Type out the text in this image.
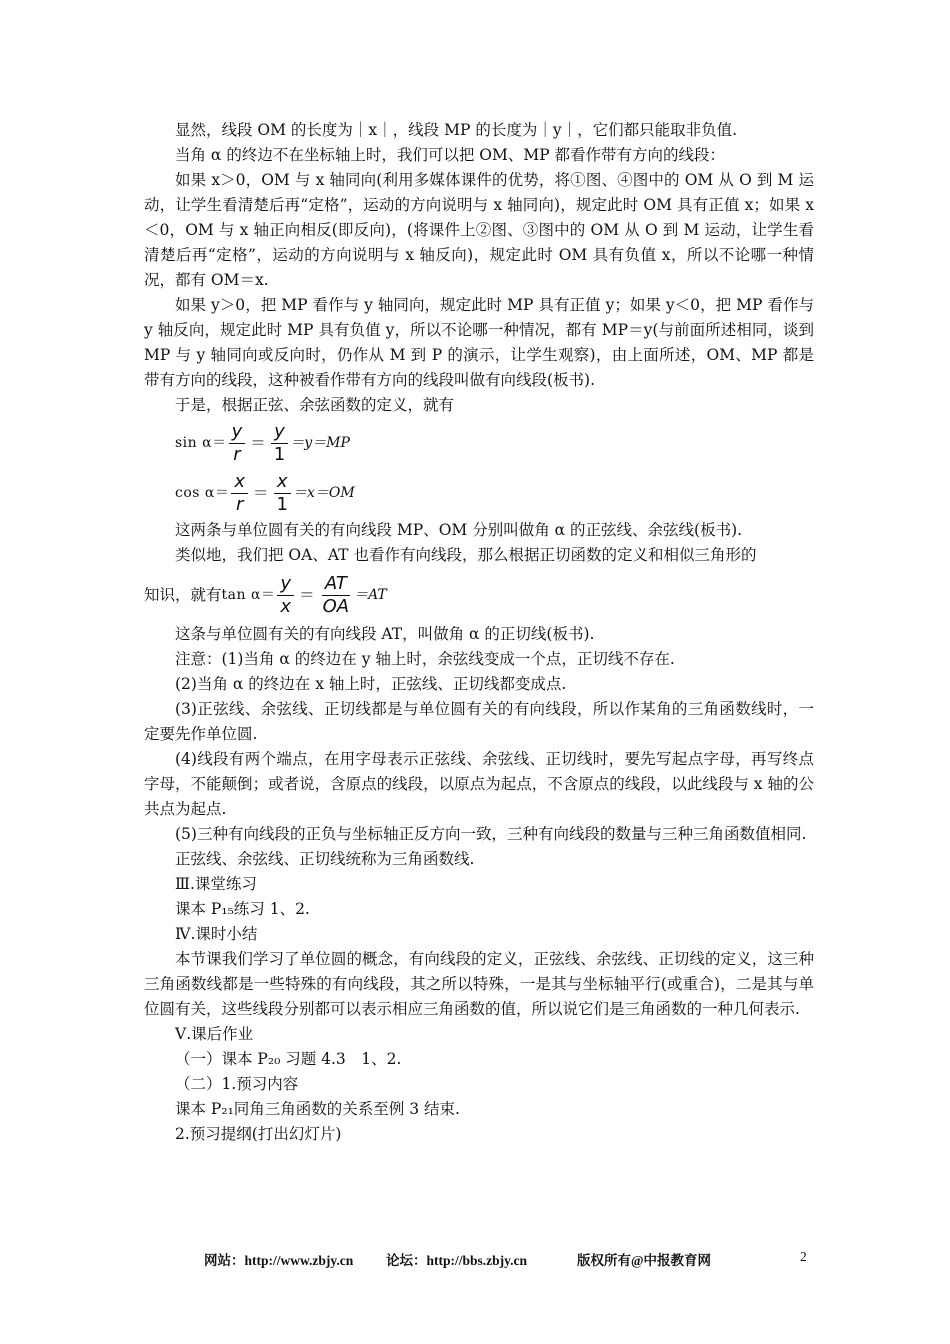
显然，线段 OM 的长度为｜x｜，线段 MP 的长度为｜y｜，它们都只能取非负值.

当角 α 的终边不在坐标轴上时，我们可以把 OM、MP 都看作带有方向的线段：

如果 x＞0，OM 与 x 轴同向(利用多媒体课件的优势，将①图、④图中的 OM 从 O 到 M 运动，让学生看清楚后再“定格”，运动的方向说明与 x 轴同向)，规定此时 OM 具有正值 x；如果 x＜0，OM 与 x 轴正向相反(即反向)，(将课件上②图、③图中的 OM 从 O 到 M 运动，让学生看清楚后再“定格”，运动的方向说明与 x 轴反向)，规定此时 OM 具有负值 x，所以不论哪一种情况，都有 OM＝x.

如果 y＞0，把 MP 看作与 y 轴同向，规定此时 MP 具有正值 y；如果 y＜0，把 MP 看作与 y 轴反向，规定此时 MP 具有负值 y，所以不论哪一种情况，都有 MP＝y(与前面所述相同，谈到 MP 与 y 轴同向或反向时，仍作从 M 到 P 的演示，让学生观察)，由上面所述，OM、MP 都是带有方向的线段，这种被看作带有方向的线段叫做有向线段(板书).

于是，根据正弦、余弦函数的定义，就有

$\sin \alpha= \frac{y}{r} = \frac{y}{1} =y=MP$
$\cos \alpha= \frac{x}{r} = \frac{x}{1} =x=OM$

这两条与单位圆有关的有向线段 MP、OM 分别叫做角 α 的正弦线、余弦线(板书).

类似地，我们把 OA、AT 也看作有向线段，那么根据正切函数的定义和相似三角形的

知识，就有 $\tan \alpha= \frac{y}{x} = \frac{AT}{OA} =AT$

这条与单位圆有关的有向线段 AT，叫做角 α 的正切线(板书).

注意：(1)当角 α 的终边在 y 轴上时，余弦线变成一个点，正切线不存在.

(2)当角 α 的终边在 x 轴上时，正弦线、正切线都变成点.

(3)正弦线、余弦线、正切线都是与单位圆有关的有向线段，所以作某角的三角函数线时，一定要先作单位圆.

(4)线段有两个端点，在用字母表示正弦线、余弦线、正切线时，要先写起点字母，再写终点字母，不能颠倒；或者说，含原点的线段，以原点为起点，不含原点的线段，以此线段与 x 轴的公共点为起点.

(5)三种有向线段的正负与坐标轴正反方向一致，三种有向线段的数量与三种三角函数值相同.

正弦线、余弦线、正切线统称为三角函数线.

Ⅲ.课堂练习

课本 P₁₅练习 1、2.

Ⅳ.课时小结

本节课我们学习了单位圆的概念，有向线段的定义，正弦线、余弦线、正切线的定义，这三种三角函数线都是一些特殊的有向线段，其之所以特殊，一是其与坐标轴平行(或重合)，二是其与单位圆有关，这些线段分别都可以表示相应三角函数的值，所以说它们是三角函数的一种几何表示.

Ⅴ.课后作业

（一）课本 P₂₀ 习题 4.3　1、2.

（二）1.预习内容

课本 P₂₁同角三角函数的关系至例 3 结束.

2.预习提纲(打出幻灯片)

网站：http://www.zbjy.cn 论坛：http://bbs.zbjy.cn	版权所有@中报教育网	2
